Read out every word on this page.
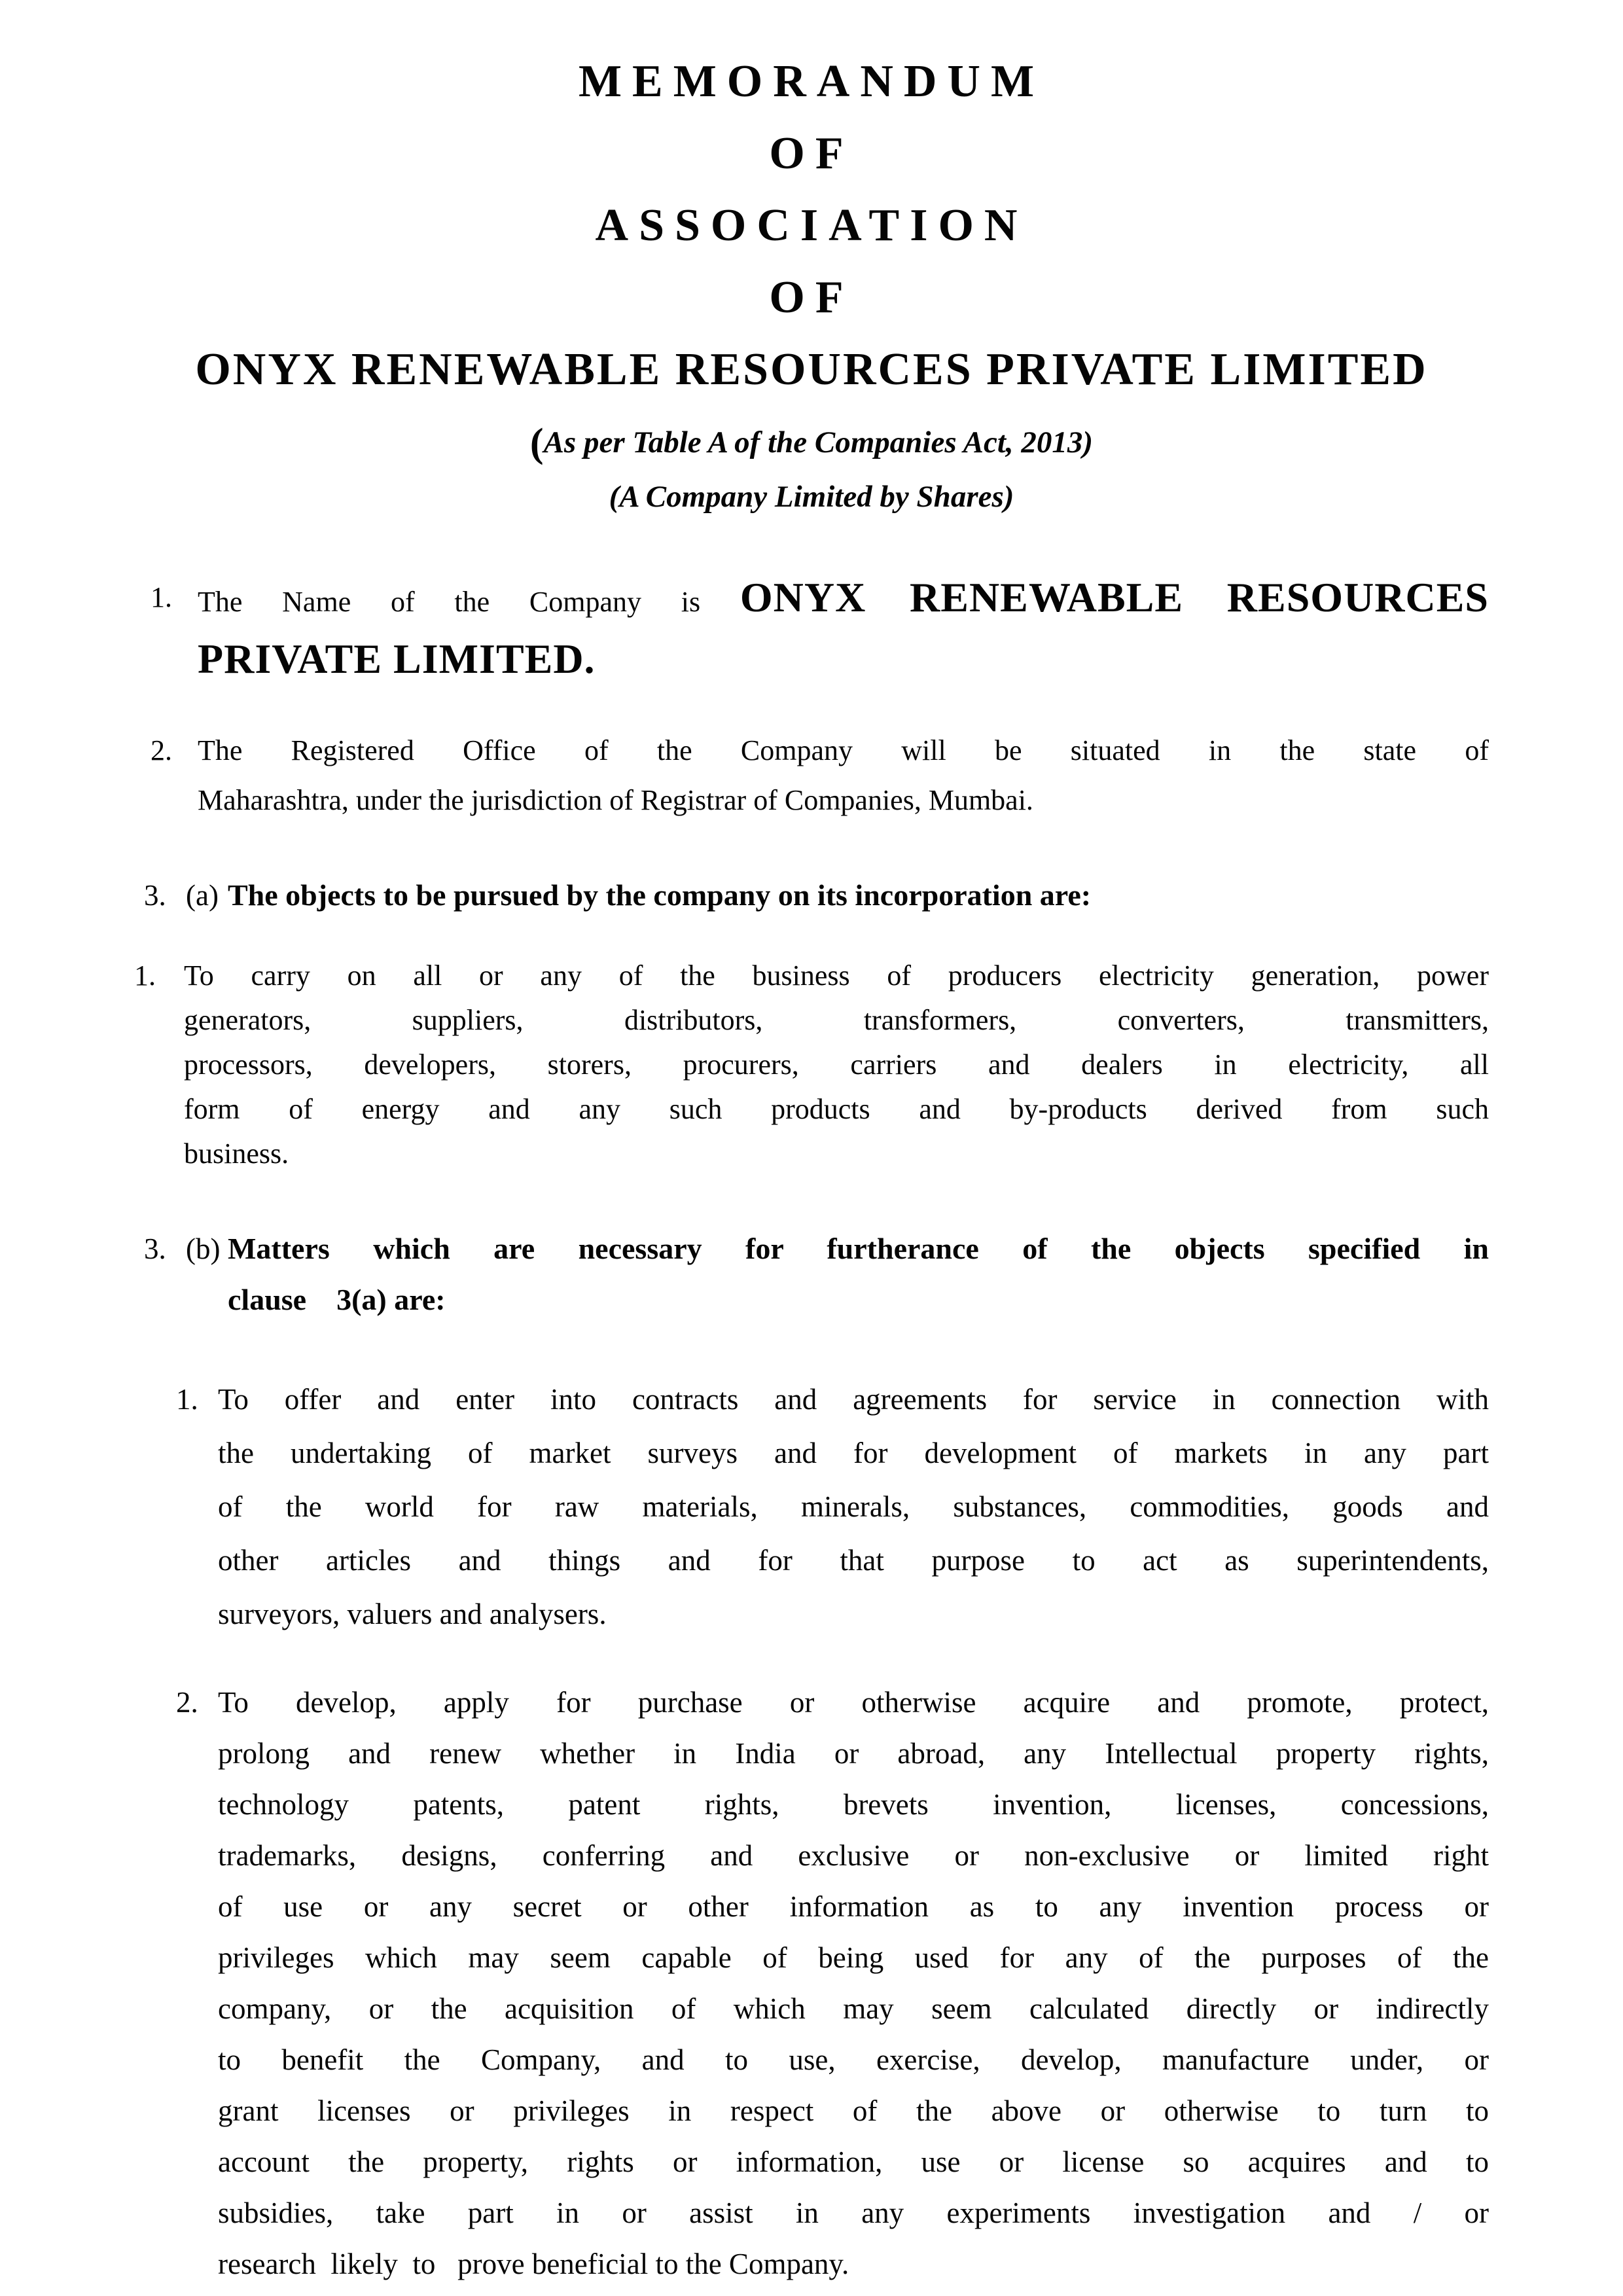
MEMORANDUM
OF
ASSOCIATION
OF
ONYX RENEWABLE RESOURCES PRIVATE LIMITED
(As per Table A of the Companies Act, 2013)
(A Company Limited by Shares)
1. The Name of the Company is ONYX RENEWABLE RESOURCES
PRIVATE LIMITED.
2. The Registered Office of the Company will be situated in the state of
Maharashtra, under the jurisdiction of Registrar of Companies, Mumbai.
3. (a) The objects to be pursued by the company on its incorporation are:
1. To carry on all or any of the business of producers electricity generation, power
generators, suppliers, distributors, transformers, converters, transmitters,
processors, developers, storers, procurers, carriers and dealers in electricity, all
form of energy and any such products and by-products derived from such
business.
3. (b) Matters which are necessary for furtherance of the objects specified in
clause    3(a) are:
1. To offer and enter into contracts and agreements for service in connection with
the undertaking of market surveys and for development of markets in any part
of the world for raw materials, minerals, substances, commodities, goods and
other articles and things and for that purpose to act as superintendents,
surveyors, valuers and analysers.
2. To develop, apply for purchase or otherwise acquire and promote, protect,
prolong and renew whether in India or abroad, any Intellectual property rights,
technology patents, patent rights, brevets invention, licenses, concessions,
trademarks, designs, conferring and exclusive or non-exclusive or limited right
of use or any secret or other information as to any invention process or
privileges which may seem capable of being used for any of the purposes of the
company, or the acquisition of which may seem calculated directly or indirectly
to benefit the Company, and to use, exercise, develop, manufacture under, or
grant licenses or privileges in respect of the above or otherwise to turn to
account the property, rights or information, use or license so acquires and to
subsidies, take part in or assist in any experiments investigation and / or
research  likely  to   prove beneficial to the Company.
